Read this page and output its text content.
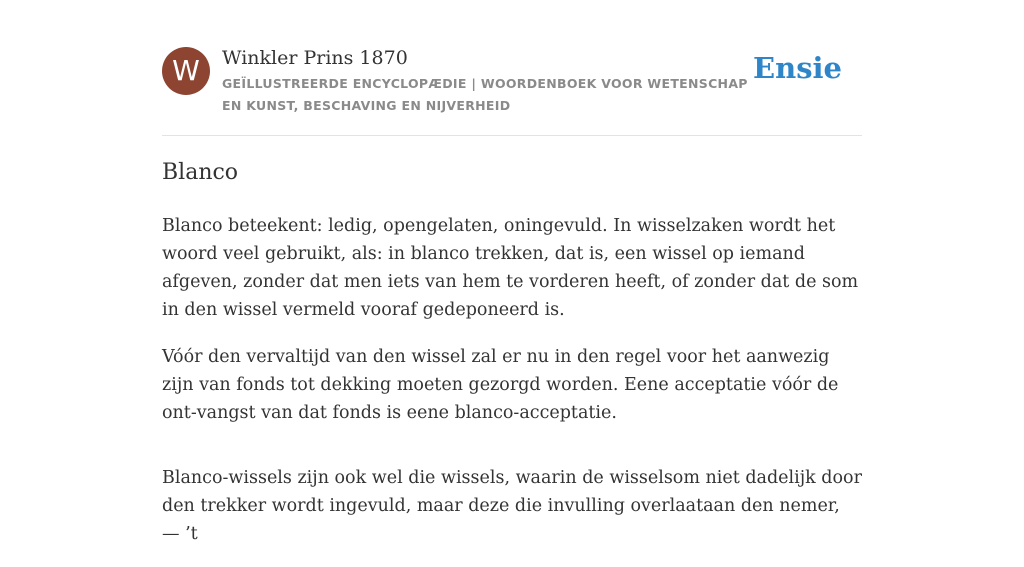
W	Winkler Prins 1870
GEÏLLUSTREERDE ENCYCLOPÆDIE | WOORDENBOEK VOOR WETENSCHAP EN KUNST, BESCHAVING EN NIJVERHEID
Ensie
Blanco

Blanco beteekent: ledig, opengelaten, oningevuld. In wisselzaken wordt het woord veel gebruikt, als: in blanco trekken, dat is, een wissel op iemand afgeven, zonder dat men iets van hem te vorderen heeft, of zonder dat de som in den wissel vermeld vooraf gedeponeerd is.

Vóór den vervaltijd van den wissel zal er nu in den regel voor het aanwezig zijn van fonds tot dekking moeten gezorgd worden. Eene acceptatie vóór de ont-vangst van dat fonds is eene blanco-acceptatie.

Blanco-wissels zijn ook wel die wissels, waarin de wisselsom niet dadelijk door den trekker wordt ingevuld, maar deze die invulling overlaataan den nemer, — ’t
